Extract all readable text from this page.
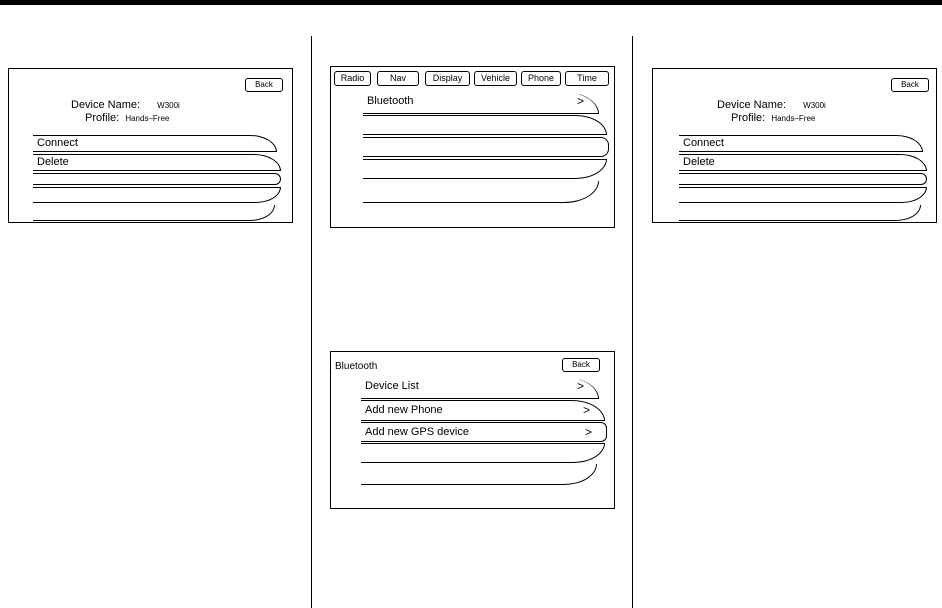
Back
Device Name: W300i
Profile: Hands–Free
Connect
Delete
Radio	Nav	Display	Vehicle	Phone	Time
Bluetooth	>
Bluetooth	Back
Device List	>
Add new Phone	>
Add new GPS device	>
Back
Device Name: W300i
Profile: Hands–Free
Connect
Delete
